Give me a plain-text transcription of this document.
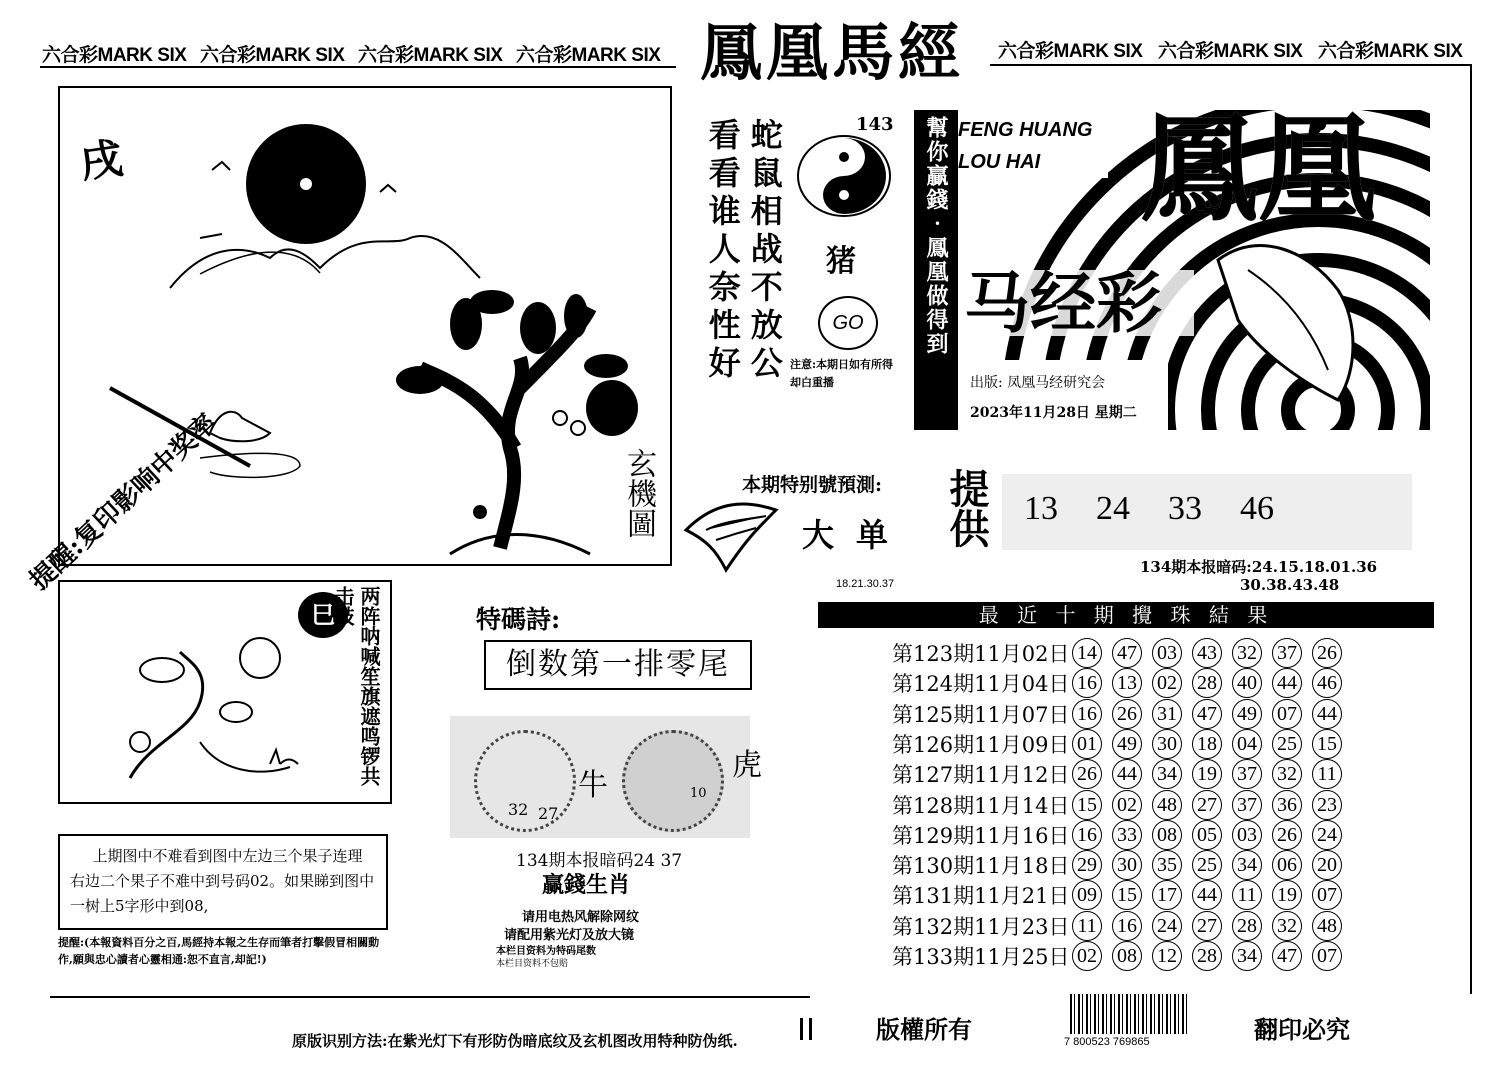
六合彩MARK SIX 六合彩MARK SIX 六合彩MARK SIX 六合彩MARK SIX 鳳凰馬經 六合彩MARK SIX 六合彩MARK SIX 六合彩MARK SIX
戌
玄機圖
提醒:复印影响中奖率
看看谁人奈性好 蛇鼠相战不放公	143
猪
GO
注意:本期日如有所得却白重播
幫你贏錢‧鳳凰做得到 FENG HUANG LOU HAI 鳳凰
马经彩
出版: 凤凰马经研究会
2023年11月28日 星期二
本期特别號預測:
大单 提供 13 24 33 46
18.21.30.37
134期本报暗码:24.15.18.01.36
30.38.43.48
最 近 十 期 攪 珠 結 果
第123期11月02日 14 47 03 43 32 37 26
第124期11月04日 16 13 02 28 40 44 46
第125期11月07日 16 26 31 47 49 07 44
第126期11月09日 01 49 30 18 04 25 15
第127期11月12日 26 44 34 19 37 32 11
第128期11月14日 15 02 48 27 37 36 23
第129期11月16日 16 33 08 05 03 26 24
第130期11月18日 29 30 35 25 34 06 20
第131期11月21日 09 15 17 44 11 19 07
第132期11月23日 11 16 24 27 28 32 48
第133期11月25日 02 08 12 28 34 47 07
特碼詩:
倒数第一排零尾
32 27
10
牛
虎
134期本报暗码24 37
赢錢生肖
请用电热风解除网纹
请配用紫光灯及放大镜
本栏目资料为特码尾数
本栏目资料不包赔
巳	两阵呐喊笙旗遮鸣锣共击鼓
上期图中不难看到图中左边三个果子连理右边二个果子不难中到号码02。如果睇到图中一树上5字形中到08,
提醒:(本報資料百分之百,馬經持本報之生存而筆者打擊假冒相關動作,願與忠心讀者心靈相通:恕不直言,却記!)
原版识别方法:在紫光灯下有形防伪暗底纹及玄机图改用特种防伪纸.	版權所有	7 800523 769865	翻印必究
